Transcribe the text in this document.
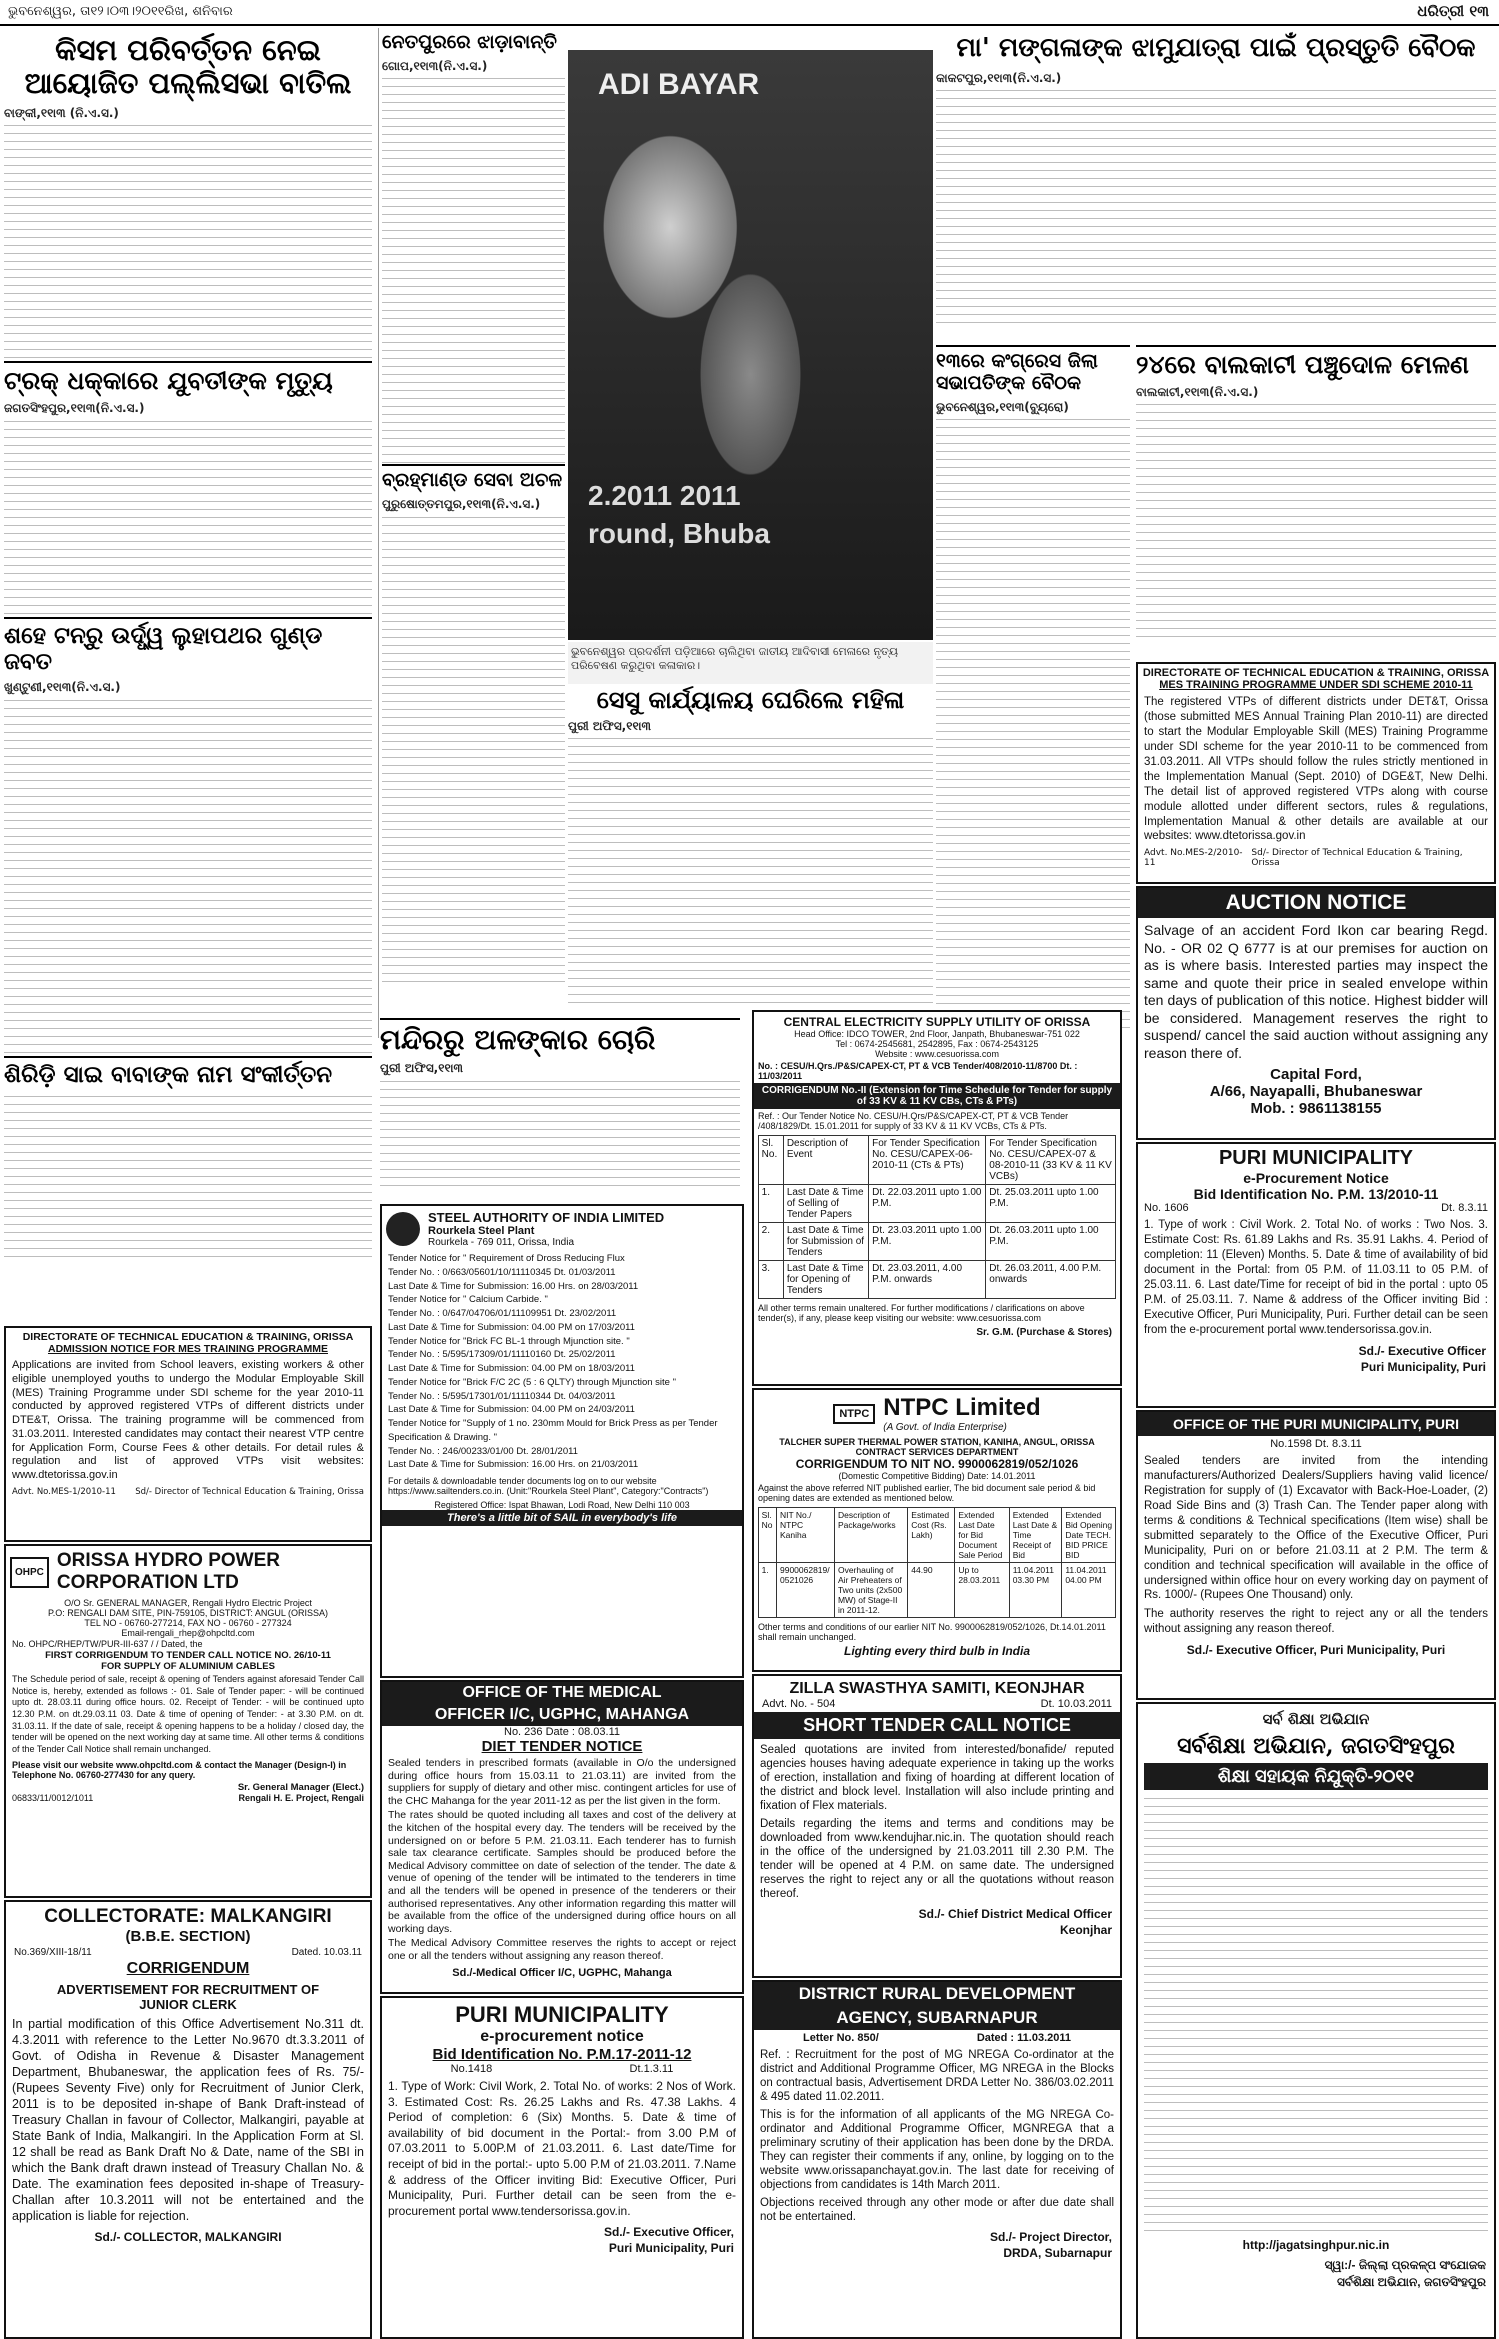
ଭୁବନେଶ୍ୱର, ତା୧୨।୦୩।୨୦୧୧ରିଖ, ଶନିବାର	ଧରିତ୍ରୀ ୧୩
କିସମ ପରିବର୍ତ୍ତନ ନେଇ ଆୟୋଜିତ ପଲ୍ଲିସଭା ବାତିଲ
ବାଙ୍କୀ,୧୧ା୩ (ନି.ଏ.ସ.)
ଟ୍ରକ୍ ଧକ୍କାରେ ଯୁବତୀଙ୍କ ମୃତ୍ୟୁ
ଜଗତସିଂହପୁର,୧୧ା୩(ନି.ଏ.ସ.)
ଶହେ ଟନ୍ରୁ ଉର୍ଦ୍ଧ୍ୱ ଲୁହାପଥର ଗୁଣ୍ଡ ଜବତ
ଖୁଣ୍ଟୁଣୀ,୧୧ା୩(ନି.ଏ.ସ.)
ଶିରିଡ଼ି ସାଇ ବାବାଙ୍କ ନାମ ସଂକୀର୍ତ୍ତନ
ନେତପୁରରେ ଝାଡ଼ାବାନ୍ତି
ଗୋପ,୧୧ା୩(ନି.ଏ.ସ.)
ବ୍ରହ୍ମାଣ୍ଡ ସେବା ଅଚଳ
ପୁରୁଷୋତ୍ତମପୁର,୧୧ା୩(ନି.ଏ.ସ.)
ADI BAYAR
2.2011 2011
round, Bhuba
ଭୁବନେଶ୍ୱର ପ୍ରଦର୍ଶନୀ ପଡ଼ିଆରେ ଚାଲିଥିବା ଜାତୀୟ ଆଦିବାସୀ ମେଳାରେ ନୃତ୍ୟ ପରିବେଷଣ କରୁଥିବା କଳାକାର।
ସେସୁ କାର୍ଯ୍ୟାଳୟ ଘେରିଲେ ମହିଳା
ପୁରୀ ଅଫିସ,୧୧ା୩
ମନ୍ଦିରରୁ ଅଳଙ୍କାର ଚୋରି
ପୁରୀ ଅଫିସ,୧୧ା୩
ମା' ମଙ୍ଗଳାଙ୍କ ଝାମୁଯାତ୍ରା ପାଇଁ ପ୍ରସ୍ତୁତି ବୈଠକ
କାକଟପୁର,୧୧ା୩(ନି.ଏ.ସ.)
୧୩ରେ କଂଗ୍ରେସ ଜିଲା ସଭାପତିଙ୍କ ବୈଠକ
ଭୁବନେଶ୍ୱର,୧୧ା୩(ବ୍ୟୁରୋ)
୨୪ରେ ବାଲକାଟୀ ପଞ୍ଚୁଦୋଳ ମେଳଣ
ବାଲକାଟୀ,୧୧ା୩(ନି.ଏ.ସ.)
DIRECTORATE OF TECHNICAL EDUCATION & TRAINING, ORISSA
MES TRAINING PROGRAMME UNDER SDI SCHEME 2010-11

The registered VTPs of different districts under DET&T, Orissa (those submitted MES Annual Training Plan 2010-11) are directed to start the Modular Employable Skill (MES) Training Programme under SDI scheme for the year 2010-11 to be commenced from 31.03.2011. All VTPs should follow the rules strictly mentioned in the Implementation Manual (Sept. 2010) of DGE&T, New Delhi. The detail list of approved registered VTPs along with course module allotted under different sectors, rules & regulations, Implementation Manual & other details are available at our websites: www.dtetorissa.gov.in

Advt. No.MES-2/2010-11
Sd/- Director of Technical Education & Training, Orissa
AUCTION NOTICE

Salvage of an accident Ford Ikon car bearing Regd. No. - OR 02 Q 6777 is at our premises for auction on as is where basis. Interested parties may inspect the same and quote their price in sealed envelope within ten days of publication of this notice. Highest bidder will be considered. Management reserves the right to suspend/ cancel the said auction without assigning any reason there of.

Capital Ford,
A/66, Nayapalli, Bhubaneswar
Mob. : 9861138155
PURI MUNICIPALITY
e-Procurement Notice
Bid Identification No. P.M. 13/2010-11
No. 1606	Dt. 8.3.11

1. Type of work : Civil Work. 2. Total No. of works : Two Nos. 3. Estimate Cost: Rs. 61.89 Lakhs and Rs. 35.91 Lakhs. 4. Period of completion: 11 (Eleven) Months. 5. Date & time of availability of bid document in the Portal: from 05 P.M. of 11.03.11 to 05 P.M. of 25.03.11. 6. Last date/Time for receipt of bid in the portal : upto 05 P.M. of 25.03.11. 7. Name & address of the Officer inviting Bid : Executive Officer, Puri Municipality, Puri. Further detail can be seen from the e-procurement portal www.tendersorissa.gov.in.

Sd./- Executive Officer
Puri Municipality, Puri
OFFICE OF THE PURI MUNICIPALITY, PURI
No.1598 Dt. 8.3.11

Sealed tenders are invited from the intending manufacturers/Authorized Dealers/Suppliers having valid licence/ Registration for supply of (1) Excavator with Back-Hoe-Loader, (2) Road Side Bins and (3) Trash Can. The Tender paper along with terms & conditions & Technical specifications (Item wise) shall be submitted separately to the Office of the Executive Officer, Puri Municipality, Puri on or before 21.03.11 at 2 P.M. The term & condition and technical specification will available in the office of undersigned within office hour on every working day on payment of Rs. 1000/- (Rupees One Thousand) only.

The authority reserves the right to reject any or all the tenders without assigning any reason thereof.

Sd./- Executive Officer, Puri Municipality, Puri
ସର୍ବ ଶିକ୍ଷା ଅଭିଯାନ
ସର୍ବଶିକ୍ଷା ଅଭିଯାନ, ଜଗତସିଂହପୁର
ଶିକ୍ଷା ସହାୟକ ନିଯୁକ୍ତି-୨୦୧୧
http://jagatsinghpur.nic.in
ସ୍ୱା:/- ଜିଲ୍ଲା ପ୍ରକଳ୍ପ ସଂଯୋଜକ
ସର୍ବଶିକ୍ଷା ଅଭିଯାନ, ଜଗତସିଂହପୁର
CENTRAL ELECTRICITY SUPPLY UTILITY OF ORISSA
Head Office: IDCO TOWER, 2nd Floor, Janpath, Bhubaneswar-751 022
Tel : 0674-2545681, 2542895, Fax : 0674-2543125
Website : www.cesuorissa.com
No. : CESU/H.Qrs./P&S/CAPEX-CT, PT & VCB Tender/408/2010-11/8700 Dt. : 11/03/2011
CORRIGENDUM No.-II (Extension for Time Schedule for Tender for supply of 33 KV & 11 KV CBs, CTs & PTs)
Ref. : Our Tender Notice No. CESU/H.Qrs/P&S/CAPEX-CT, PT & VCB Tender /408/1829/Dt. 15.01.2011 for supply of 33 KV & 11 KV VCBs, CTs & PTs.
Sl. No.	Description of Event	For Tender Specification No. CESU/CAPEX-06-2010-11 (CTs & PTs)	For Tender Specification No. CESU/CAPEX-07 & 08-2010-11 (33 KV & 11 KV VCBs)
1.	Last Date & Time of Selling of Tender Papers	Dt. 22.03.2011 upto 1.00 P.M.	Dt. 25.03.2011 upto 1.00 P.M.
2.	Last Date & Time for Submission of Tenders	Dt. 23.03.2011 upto 1.00 P.M.	Dt. 26.03.2011 upto 1.00 P.M.
3.	Last Date & Time for Opening of Tenders	Dt. 23.03.2011, 4.00 P.M. onwards	Dt. 26.03.2011, 4.00 P.M. onwards
All other terms remain unaltered. For further modifications / clarifications on above tender(s), if any, please keep visiting our website: www.cesuorissa.com
Sr. G.M. (Purchase & Stores)
STEEL AUTHORITY OF INDIA LIMITED
Rourkela Steel Plant
Rourkela - 769 011, Orissa, India
Tender Notice for " Requirement of Dross Reducing Flux
Tender No. : 0/663/05601/10/11110345 Dt. 01/03/2011
Last Date & Time for Submission: 16.00 Hrs. on 28/03/2011
Tender Notice for " Calcium Carbide. "
Tender No. : 0/647/04706/01/11109951 Dt. 23/02/2011
Last Date & Time for Submission: 04.00 PM on 17/03/2011
Tender Notice for "Brick FC BL-1 through Mjunction site. "
Tender No. : 5/595/17309/01/11110160 Dt. 25/02/2011
Last Date & Time for Submission: 04.00 PM on 18/03/2011
Tender Notice for "Brick F/C 2C (5 : 6 QLTY) through Mjunction site "
Tender No. : 5/595/17301/01/11110344 Dt. 04/03/2011
Last Date & Time for Submission: 04.00 PM on 24/03/2011
Tender Notice for "Supply of 1 no. 230mm Mould for Brick Press as per Tender Specification & Drawing. "
Tender No. : 246/00233/01/00 Dt. 28/01/2011
Last Date & Time for Submission: 16.00 Hrs. on 21/03/2011
For details & downloadable tender documents log on to our website https://www.sailtenders.co.in. (Unit:"Rourkela Steel Plant", Category:"Contracts")
Registered Office: Ispat Bhawan, Lodi Road, New Delhi 110 003
There's a little bit of SAIL in everybody's life
NTPC NTPC Limited
(A Govt. of India Enterprise)
TALCHER SUPER THERMAL POWER STATION, KANIHA, ANGUL, ORISSA
CONTRACT SERVICES DEPARTMENT
CORRIGENDUM TO NIT NO. 9900062819/052/1026
(Domestic Competitive Bidding) Date: 14.01.2011
Against the above referred NIT published earlier, The bid document sale period & bid opening dates are extended as mentioned below.
Sl. No	NIT No./ NTPC Kaniha	Description of Package/works	Estimated Cost (Rs. Lakh)	Extended Last Date for Bid Document Sale Period	Extended Last Date & Time Receipt of Bid	Extended Bid Opening Date TECH. BID PRICE BID
1.	9900062819/ 0521026	Overhauling of Air Preheaters of Two units (2x500 MW) of Stage-II in 2011-12.	44.90	Up to 28.03.2011	11.04.2011 03.30 PM	11.04.2011 04.00 PM
Other terms and conditions of our earlier NIT No. 9900062819/052/1026, Dt.14.01.2011 shall remain unchanged.
Lighting every third bulb in India
OFFICE OF THE MEDICAL
OFFICER I/C, UGPHC, MAHANGA
No. 236 Date : 08.03.11
DIET TENDER NOTICE

Sealed tenders in prescribed formats (available in O/o the undersigned during office hours from 15.03.11 to 21.03.11) are invited from the suppliers for supply of dietary and other misc. contingent articles for use of the CHC Mahanga for the year 2011-12 as per the list given in the form.

The rates should be quoted including all taxes and cost of the delivery at the kitchen of the hospital every day. The tenders will be received by the undersigned on or before 5 P.M. 21.03.11. Each tenderer has to furnish sale tax clearance certificate. Samples should be produced before the Medical Advisory committee on date of selection of the tender. The date & venue of opening of the tender will be intimated to the tenderers in time and all the tenders will be opened in presence of the tenderers or their authorised representatives. Any other information regarding this matter will be available from the office of the undersigned during office hours on all working days.

The Medical Advisory Committee reserves the rights to accept or reject one or all the tenders without assigning any reason thereof.

Sd./-Medical Officer I/C, UGPHC, Mahanga
PURI MUNICIPALITY
e-procurement notice
Bid Identification No. P.M.17-2011-12
No.1418	Dt.1.3.11

1. Type of Work: Civil Work, 2. Total No. of works: 2 Nos of Work. 3. Estimated Cost: Rs. 26.25 Lakhs and Rs. 47.38 Lakhs. 4 Period of completion: 6 (Six) Months. 5. Date & time of availability of bid document in the Portal:- from 3.00 P.M of 07.03.2011 to 5.00P.M of 21.03.2011. 6. Last date/Time for receipt of bid in the portal:- upto 5.00 P.M of 21.03.2011. 7.Name & address of the Officer inviting Bid: Executive Officer, Puri Municipality, Puri. Further detail can be seen from the e-procurement portal www.tendersorissa.gov.in.

Sd./- Executive Officer,
Puri Municipality, Puri
ZILLA SWASTHYA SAMITI, KEONJHAR
Advt. No. - 504	Dt. 10.03.2011
SHORT TENDER CALL NOTICE

Sealed quotations are invited from interested/bonafide/ reputed agencies houses having adequate experience in taking up the works of erection, installation and fixing of hoarding at different location of the district and block level. Installation will also include printing and fixation of Flex materials.

Details regarding the items and terms and conditions may be downloaded from www.kendujhar.nic.in. The quotation should reach in the office of the undersigned by 21.03.2011 till 2.30 P.M. The tender will be opened at 4 P.M. on same date. The undersigned reserves the right to reject any or all the quotations without reason thereof.

Sd./- Chief District Medical Officer
Keonjhar
DISTRICT RURAL DEVELOPMENT
AGENCY, SUBARNAPUR
Letter No. 850/	Dated : 11.03.2011

Ref. : Recruitment for the post of MG NREGA Co-ordinator at the district and Additional Programme Officer, MG NREGA in the Blocks on contractual basis, Advertisement DRDA Letter No. 386/03.02.2011 & 495 dated 11.02.2011.

This is for the information of all applicants of the MG NREGA Co-ordinator and Additional Programme Officer, MGNREGA that a preliminary scrutiny of their application has been done by the DRDA. They can register their comments if any, online, by logging on to the website www.orissapanchayat.gov.in. The last date for receiving of objections from candidates is 14th March 2011.

Objections received through any other mode or after due date shall not be entertained.

Sd./- Project Director,
DRDA, Subarnapur
DIRECTORATE OF TECHNICAL EDUCATION & TRAINING, ORISSA
ADMISSION NOTICE FOR MES TRAINING PROGRAMME

Applications are invited from School leavers, existing workers & other eligible unemployed youths to undergo the Modular Employable Skill (MES) Training Programme under SDI scheme for the year 2010-11 conducted by approved registered VTPs of different districts under DTE&T, Orissa. The training programme will be commenced from 31.03.2011. Interested candidates may contact their nearest VTP centre for Application Form, Course Fees & other details. For detail rules & regulation and list of approved VTPs visit websites: www.dtetorissa.gov.in

Advt. No.MES-1/2010-11 Sd/- Director of Technical Education & Training, Orissa
OHPC
ORISSA HYDRO POWER
CORPORATION LTD
O/O Sr. GENERAL MANAGER, Rengali Hydro Electric Project
P.O: RENGALI DAM SITE, PIN-759105, DISTRICT: ANGUL (ORISSA)
TEL NO - 06760-277214, FAX NO - 06760 - 277324
Email-rengali_rhep@ohpcltd.com
No. OHPC/RHEP/TW/PUR-III-637 / / Dated, the
FIRST CORRIGENDUM TO TENDER CALL NOTICE NO. 26/10-11
FOR SUPPLY OF ALUMINIUM CABLES
The Schedule period of sale, receipt & opening of Tenders against aforesaid Tender Call Notice is, hereby, extended as follows :- 01. Sale of Tender paper: - will be continued upto dt. 28.03.11 during office hours. 02. Receipt of Tender: - will be continued upto 12.30 P.M. on dt.29.03.11 03. Date & time of opening of Tender: - at 3.30 P.M. on dt. 31.03.11. If the date of sale, receipt & opening happens to be a holiday / closed day, the tender will be opened on the next working day at same time. All other terms & conditions of the Tender Call Notice shall remain unchanged.
Please visit our website www.ohpcltd.com & contact the Manager (Design-I) in Telephone No. 06760-277430 for any query.
Sr. General Manager (Elect.)
06833/11/0012/1011	Rengali H. E. Project, Rengali
COLLECTORATE: MALKANGIRI
(B.B.E. SECTION)
No.369/XIII-18/11	Dated. 10.03.11
CORRIGENDUM
ADVERTISEMENT FOR RECRUITMENT OF
JUNIOR CLERK

In partial modification of this Office Advertisement No.311 dt. 4.3.2011 with reference to the Letter No.9670 dt.3.3.2011 of Govt. of Odisha in Revenue & Disaster Management Department, Bhubaneswar, the application fees of Rs. 75/- (Rupees Seventy Five) only for Recruitment of Junior Clerk, 2011 is to be deposited in-shape of Bank Draft-instead of Treasury Challan in favour of Collector, Malkangiri, payable at State Bank of India, Malkangiri. In the Application Form at Sl. 12 shall be read as Bank Draft No & Date, name of the SBI in which the Bank draft drawn instead of Treasury Challan No. & Date. The examination fees deposited in-shape of Treasury-Challan after 10.3.2011 will not be entertained and the application is liable for rejection.

Sd./- COLLECTOR, MALKANGIRI
